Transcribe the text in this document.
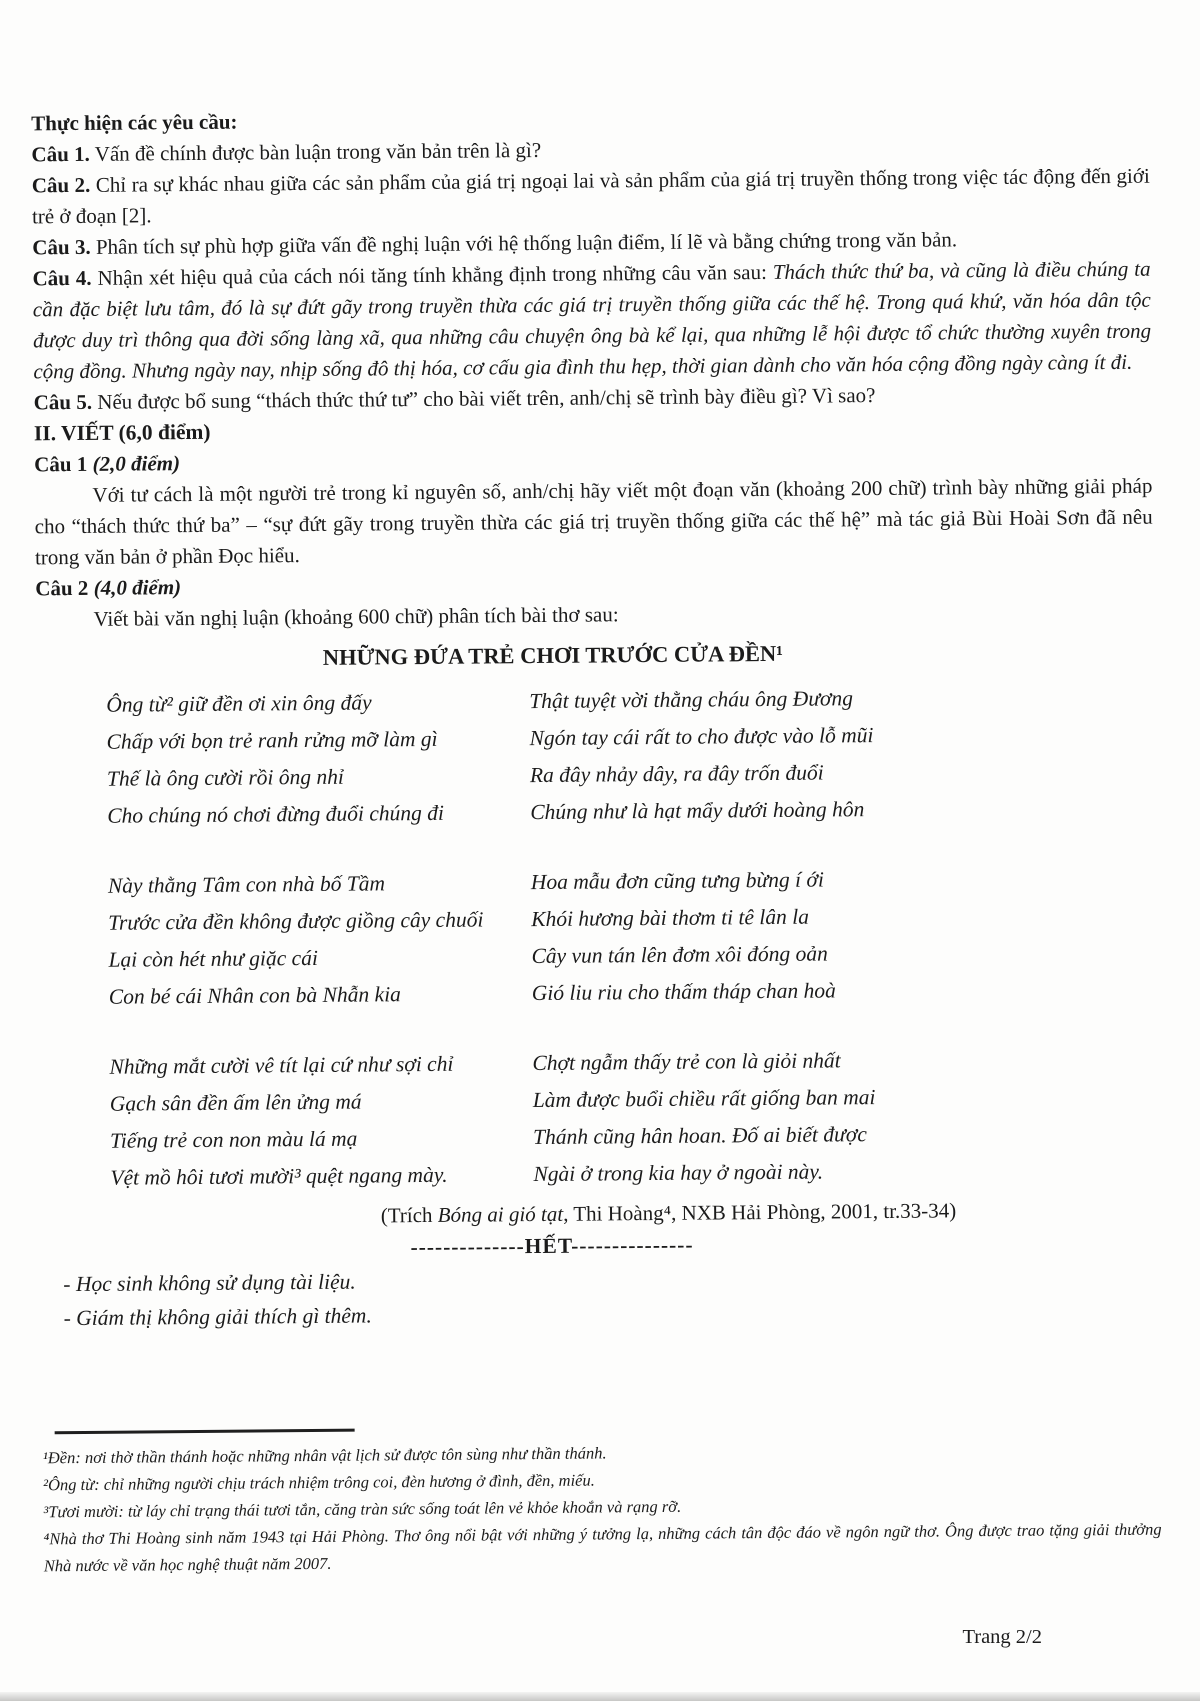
Thực hiện các yêu cầu:

Câu 1. Vấn đề chính được bàn luận trong văn bản trên là gì?

Câu 2. Chỉ ra sự khác nhau giữa các sản phẩm của giá trị ngoại lai và sản phẩm của giá trị truyền thống trong việc tác động đến giới trẻ ở đoạn [2].

Câu 3. Phân tích sự phù hợp giữa vấn đề nghị luận với hệ thống luận điểm, lí lẽ và bằng chứng trong văn bản.

Câu 4. Nhận xét hiệu quả của cách nói tăng tính khẳng định trong những câu văn sau: Thách thức thứ ba, và cũng là điều chúng ta cần đặc biệt lưu tâm, đó là sự đứt gãy trong truyền thừa các giá trị truyền thống giữa các thế hệ. Trong quá khứ, văn hóa dân tộc được duy trì thông qua đời sống làng xã, qua những câu chuyện ông bà kể lại, qua những lễ hội được tổ chức thường xuyên trong cộng đồng. Nhưng ngày nay, nhịp sống đô thị hóa, cơ cấu gia đình thu hẹp, thời gian dành cho văn hóa cộng đồng ngày càng ít đi.

Câu 5. Nếu được bổ sung “thách thức thứ tư” cho bài viết trên, anh/chị sẽ trình bày điều gì? Vì sao?

II. VIẾT (6,0 điểm)

Câu 1 (2,0 điểm)

Với tư cách là một người trẻ trong kỉ nguyên số, anh/chị hãy viết một đoạn văn (khoảng 200 chữ) trình bày những giải pháp cho “thách thức thứ ba” – “sự đứt gãy trong truyền thừa các giá trị truyền thống giữa các thế hệ” mà tác giả Bùi Hoài Sơn đã nêu trong văn bản ở phần Đọc hiểu.

Câu 2 (4,0 điểm)

Viết bài văn nghị luận (khoảng 600 chữ) phân tích bài thơ sau:

NHỮNG ĐỨA TRẺ CHƠI TRƯỚC CỬA ĐỀN¹
Ông từ² giữ đền ơi xin ông đấy
Chấp với bọn trẻ ranh rửng mỡ làm gì
Thế là ông cười rồi ông nhỉ
Cho chúng nó chơi đừng đuổi chúng đi
Thật tuyệt vời thằng cháu ông Đương
Ngón tay cái rất to cho được vào lỗ mũi
Ra đây nhảy dây, ra đây trốn đuổi
Chúng như là hạt mẩy dưới hoàng hôn
Này thằng Tâm con nhà bố Tầm
Trước cửa đền không được giồng cây chuối
Lại còn hét như giặc cái
Con bé cái Nhân con bà Nhẫn kia
Hoa mẫu đơn cũng tưng bừng í ới
Khói hương bài thơm ti tê lân la
Cây vun tán lên đơm xôi đóng oản
Gió liu riu cho thấm tháp chan hoà
Những mắt cười vê tít lại cứ như sợi chỉ
Gạch sân đền ấm lên ửng má
Tiếng trẻ con non màu lá mạ
Vệt mồ hôi tươi mười³ quệt ngang mày.
Chợt ngẫm thấy trẻ con là giỏi nhất
Làm được buổi chiều rất giống ban mai
Thánh cũng hân hoan. Đố ai biết được
Ngài ở trong kia hay ở ngoài này.
(Trích Bóng ai gió tạt, Thi Hoàng⁴, NXB Hải Phòng, 2001, tr.33-34)
--------------HẾT---------------

- Học sinh không sử dụng tài liệu.

- Giám thị không giải thích gì thêm.

¹Đền: nơi thờ thần thánh hoặc những nhân vật lịch sử được tôn sùng như thần thánh.

²Ông từ: chỉ những người chịu trách nhiệm trông coi, đèn hương ở đình, đền, miếu.

³Tươi mười: từ láy chỉ trạng thái tươi tắn, căng tràn sức sống toát lên vẻ khỏe khoắn và rạng rỡ.

⁴Nhà thơ Thi Hoàng sinh năm 1943 tại Hải Phòng. Thơ ông nổi bật với những ý tưởng lạ, những cách tân độc đáo về ngôn ngữ thơ. Ông được trao tặng giải thưởng Nhà nước về văn học nghệ thuật năm 2007.

Trang 2/2
